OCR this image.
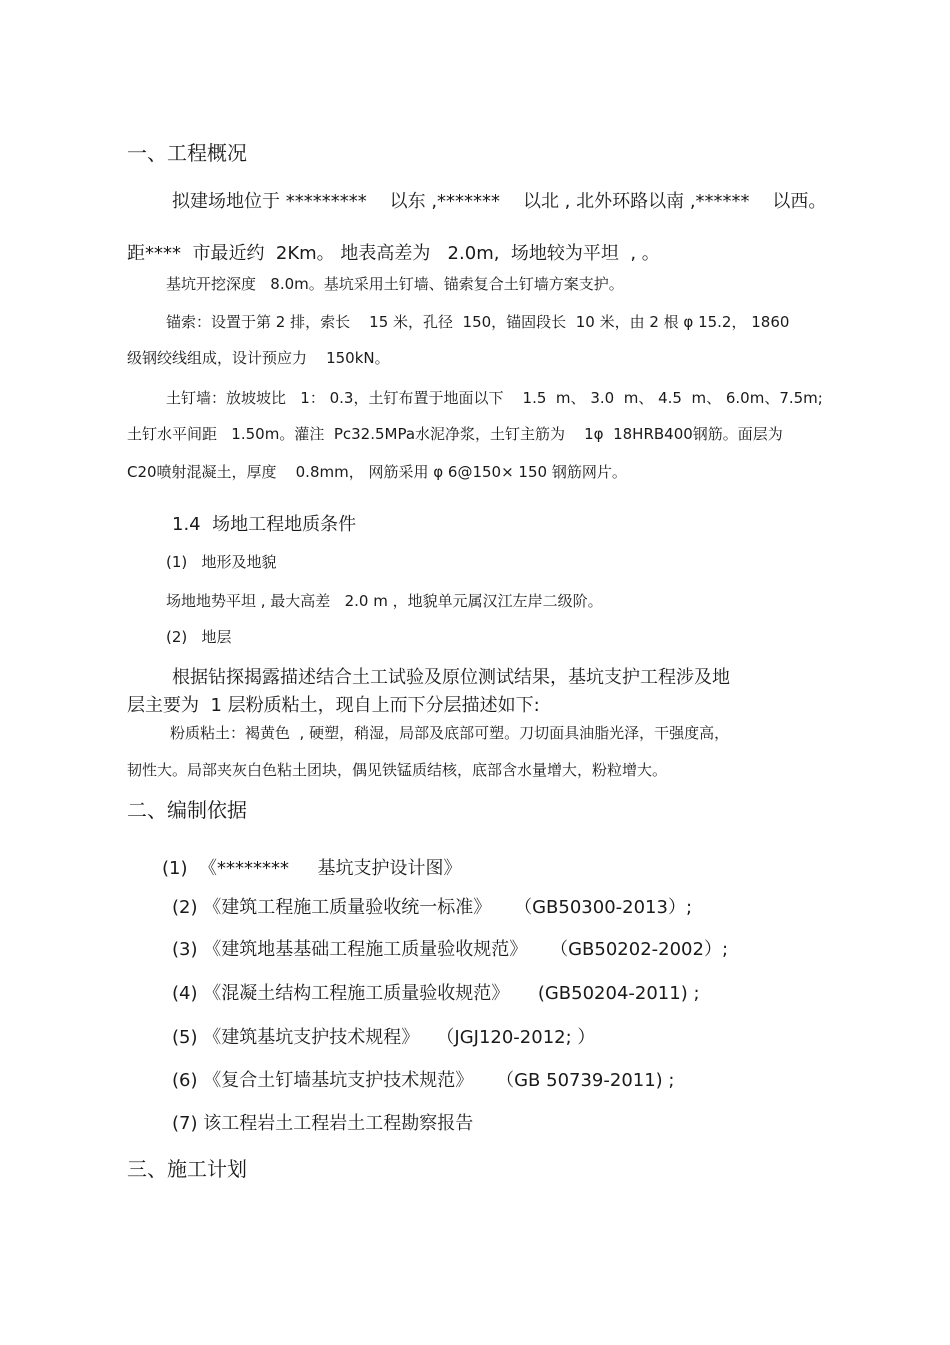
一、工程概况
拟建场地位于 *********    以东 ,*******    以北 , 北外环路以南 ,******    以西。
距****  市最近约  2Km。 地表高差为   2.0m,  场地较为平坦  , 。
基坑开挖深度   8.0m。基坑采用土钉墙、锚索复合土钉墙方案支护。
锚索：设置于第 2 排，索长    15 米，孔径  150，锚固段长  10 米，由 2 根 φ 15.2， 1860
级钢绞线组成，设计预应力    150kN。
土钉墙：放坡坡比   1： 0.3，土钉布置于地面以下    1.5  m、 3.0  m、 4.5  m、 6.0m、7.5m;
土钉水平间距   1.50m。灌注  Pc32.5MPa水泥净浆，土钉主筋为    1φ  18HRB400钢筋。面层为
C20喷射混凝土，厚度    0.8mm， 网筋采用 φ 6@150× 150 钢筋网片。
1.4  场地工程地质条件
(1)   地形及地貌
场地地势平坦 , 最大高差   2.0 m ，地貌单元属汉江左岸二级阶。
(2)   地层
根据钻探揭露描述结合土工试验及原位测试结果，基坑支护工程涉及地
层主要为  1 层粉质粘土，现自上而下分层描述如下:
粉质粘土：褐黄色  , 硬塑，稍湿，局部及底部可塑。刀切面具油脂光泽，干强度高，
韧性大。局部夹灰白色粘土团块，偶见铁锰质结核，底部含水量增大，粉粒增大。
二、编制依据
(1)  《********     基坑支护设计图》
(2) 《建筑工程施工质量验收统一标准》    （GB50300-2013）;
(3) 《建筑地基基础工程施工质量验收规范》    （GB50202-2002）;
(4) 《混凝土结构工程施工质量验收规范》     (GB50204-2011) ;
(5) 《建筑基坑支护技术规程》   （JGJ120-2012; ）
(6) 《复合土钉墙基坑支护技术规范》    （GB 50739-2011) ;
(7) 该工程岩土工程岩土工程勘察报告
三、施工计划
